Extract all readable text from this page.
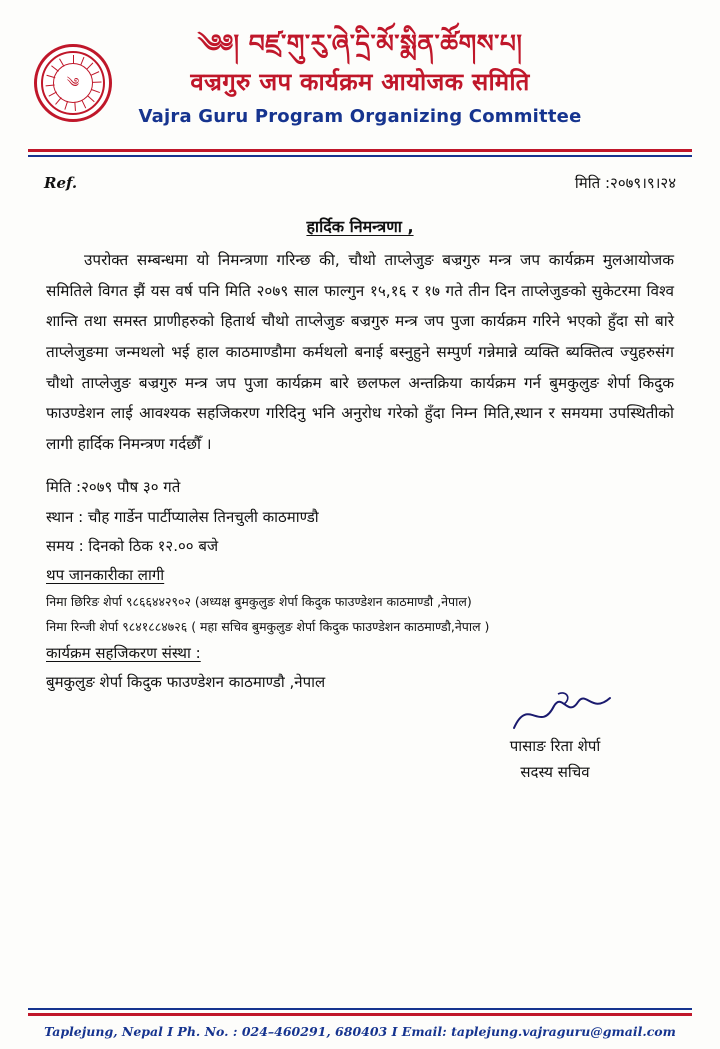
༄
༄༅། བཛྲ་གུ་རུ་ཞེ་དྲི་མོ་སྨིན་ཚོགས་པ།
वज्रगुरु जप कार्यक्रम आयोजक समिति
Vajra Guru Program Organizing Committee
Ref.	मिति :२०७९।९।२४
हार्दिक निमन्त्रणा ,

उपरोक्त सम्बन्धमा यो निमन्त्रणा गरिन्छ की, चौथो ताप्लेजुङ बज्रगुरु मन्त्र जप कार्यक्रम मुलआयोजक समितिले विगत झैं यस वर्ष पनि मिति २०७९ साल फाल्गुन १५,१६ र १७ गते तीन दिन ताप्लेजुङको सुकेटरमा विश्व शान्ति तथा समस्त प्राणीहरुको हितार्थ चौथो ताप्लेजुङ बज्रगुरु मन्त्र जप पुजा कार्यक्रम गरिने भएको हुँदा सो बारे ताप्लेजुङमा जन्मथलो भई हाल काठमाण्डौमा कर्मथलो बनाई बस्नुहुने सम्पुर्ण गन्नेमान्ने व्यक्ति ब्यक्तित्व ज्युहरुसंग चौथो ताप्लेजुङ बज्रगुरु मन्त्र जप पुजा कार्यक्रम बारे छलफल अन्तक्रिया कार्यक्रम गर्न बुमकुलुङ शेर्पा किदुक फाउण्डेशन लाई आवश्यक सहजिकरण गरिदिनु भनि अनुरोध गरेको हुँदा निम्न मिति,स्थान र समयमा उपस्थितीको लागी हार्दिक निमन्त्रण गर्दछौँ ।

मिति :२०७९ पौष ३० गते
स्थान : चौह गार्डेन पार्टीप्यालेस तिनचुली काठमाण्डौ
समय : दिनको ठिक १२.०० बजे
थप जानकारीका लागी
निमा छिरिङ शेर्पा ९८६६४४२९०२ (अध्यक्ष बुमकुलुङ शेर्पा किदुक फाउण्डेशन काठमाण्डौ ,नेपाल)
निमा रिन्जी शेर्पा ९८४१८८४७२६ ( महा सचिव बुमकुलुङ शेर्पा किदुक फाउण्डेशन काठमाण्डौ,नेपाल )
कार्यक्रम सहजिकरण संस्था :
बुमकुलुङ शेर्पा किदुक फाउण्डेशन काठमाण्डौ ,नेपाल
पासाङ रिता शेर्पा
सदस्य सचिव
Taplejung, Nepal I Ph. No. : 024–460291, 680403 I Email: taplejung.vajraguru@gmail.com
